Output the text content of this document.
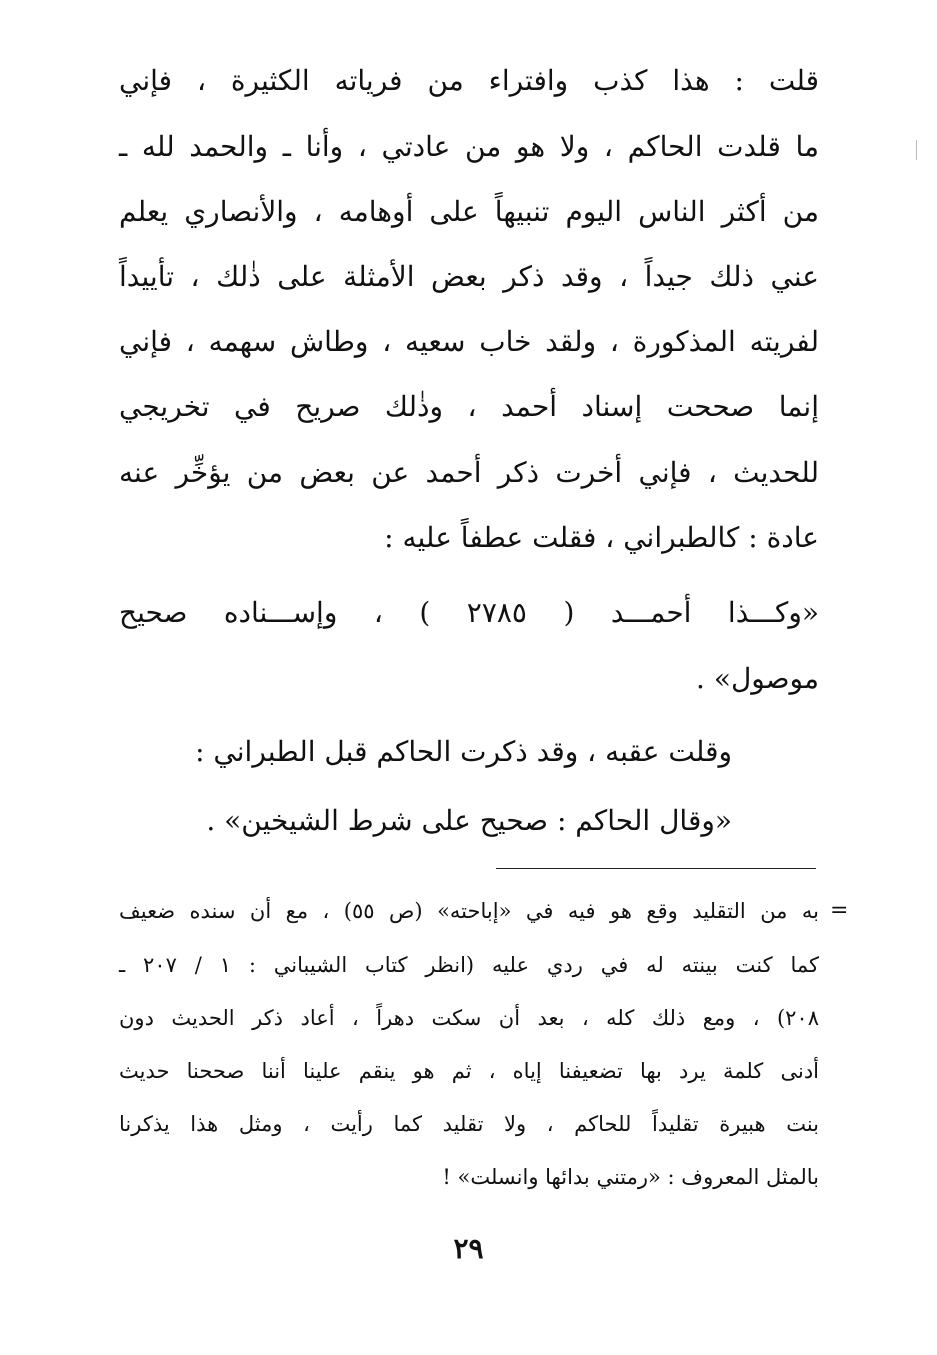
قلت : هذا كذب وافتراء من فرياته الكثيرة ، فإني
ما قلدت الحاكم ، ولا هو من عادتي ، وأنا ـ والحمد لله ـ
من أكثر الناس اليوم تنبيهاً على أوهامه ، والأنصاري يعلم
عني ذلك جيداً ، وقد ذكر بعض الأمثلة على ذٰلك ، تأييداً
لفريته المذكورة ، ولقد خاب سعيه ، وطاش سهمه ، فإني
إنما صححت إسناد أحمد ، وذٰلك صريح في تخريجي
للحديث ، فإني أخرت ذكر أحمد عن بعض من يؤخِّر عنه
عادة : كالطبراني ، فقلت عطفاً عليه :
«وكـــذا أحمـــد ( ٢٧٨٥ ) ، وإســـناده صحيح
موصول» .
وقلت عقبه ، وقد ذكرت الحاكم قبل الطبراني :
«وقال الحاكم : صحيح على شرط الشيخين» .
=
به من التقليد وقع هو فيه في «إباحته» (ص ٥٥) ، مع أن سنده ضعيف
كما كنت بينته له في ردي عليه (انظر كتاب الشيباني : ١ / ٢٠٧ ـ
٢٠٨) ، ومع ذلك كله ، بعد أن سكت دهراً ، أعاد ذكر الحديث دون
أدنى كلمة يرد بها تضعيفنا إياه ، ثم هو ينقم علينا أننا صححنا حديث
بنت هبيرة تقليداً للحاكم ، ولا تقليد كما رأيت ، ومثل هذا يذكرنا
بالمثل المعروف : «رمتني بدائها وانسلت» !
٢٩
